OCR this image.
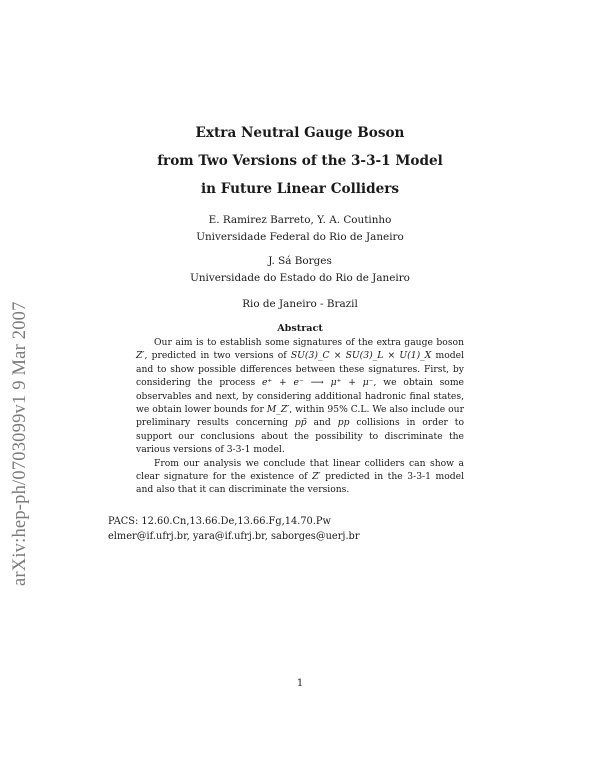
arXiv:hep-ph/0703099v1 9 Mar 2007
Extra Neutral Gauge Boson
from Two Versions of the 3-3-1 Model
in Future Linear Colliders
E. Ramirez Barreto, Y. A. Coutinho
Universidade Federal do Rio de Janeiro
J. Sá Borges
Universidade do Estado do Rio de Janeiro
Rio de Janeiro - Brazil
Abstract

Our aim is to establish some signatures of the extra gauge boson Z′, predicted in two versions of SU(3)_C × SU(3)_L × U(1)_X model and to show possible differences between these signatures. First, by considering the process e⁺ + e⁻ ⟶ μ⁺ + μ⁻, we obtain some observables and next, by considering additional hadronic final states, we obtain lower bounds for M_Z′, within 95% C.L. We also include our preliminary results concerning pp̄ and pp collisions in order to support our conclusions about the possibility to discriminate the various versions of 3-3-1 model.

From our analysis we conclude that linear colliders can show a clear signature for the existence of Z′ predicted in the 3-3-1 model and also that it can discriminate the versions.

PACS: 12.60.Cn,13.66.De,13.66.Fg,14.70.Pw
elmer@if.ufrj.br, yara@if.ufrj.br, saborges@uerj.br
1
